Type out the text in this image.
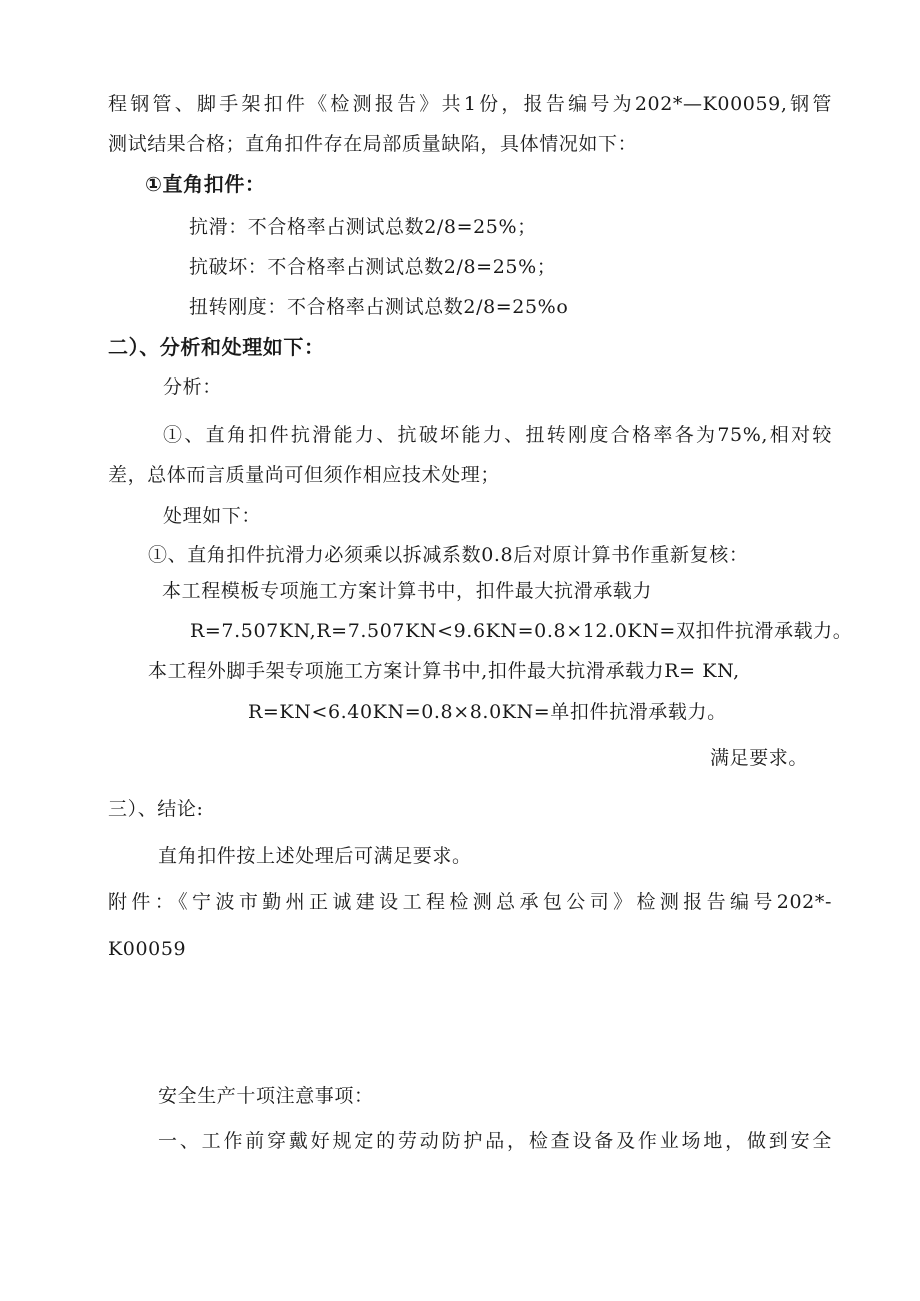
程钢管、脚手架扣件《检测报告》共1份，报告编号为202*—K00059,钢管
测试结果合格；直角扣件存在局部质量缺陷，具体情况如下：
①直角扣件：
抗滑：不合格率占测试总数2/8=25%；
抗破坏：不合格率占测试总数2/8=25%；
扭转刚度：不合格率占测试总数2/8=25%o
二）、分析和处理如下：
分析：
①、直角扣件抗滑能力、抗破坏能力、扭转刚度合格率各为75%,相对较
差，总体而言质量尚可但须作相应技术处理；
处理如下：
①、直角扣件抗滑力必须乘以拆减系数0.8后对原计算书作重新复核：
本工程模板专项施工方案计算书中，扣件最大抗滑承载力
R=7.507KN,R=7.507KN<9.6KN=0.8×12.0KN=双扣件抗滑承载力。
本工程外脚手架专项施工方案计算书中,扣件最大抗滑承载力R= KN,
R=KN<6.40KN=0.8×8.0KN=单扣件抗滑承载力。
满足要求。
三）、结论:
直角扣件按上述处理后可满足要求。
附件：《宁波市勤州正诚建设工程检测总承包公司》检测报告编号202*-
K00059
安全生产十项注意事项：
一、工作前穿戴好规定的劳动防护品，检查设备及作业场地，做到安全
